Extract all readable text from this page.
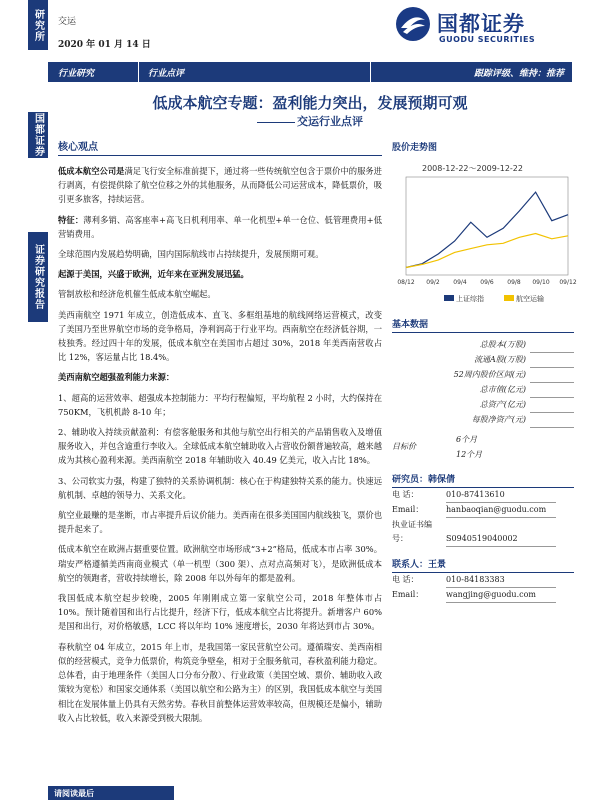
研究所
国都证券
证券研究报告
交运
2020 年 01 月 14 日
国都证券
GUODU SECURITIES
行业研究	行业点评	跟踪评级、维持：推荐
低成本航空专题：盈利能力突出，发展预期可观
交运行业点评
核心观点

低成本航空公司是满足飞行安全标准前提下，通过将一些传统航空包含于票价中的服务进行剥离，有偿提供除了航空位移之外的其他服务，从而降低公司运营成本，降低票价，吸引更多旅客，持续运营。

特征：薄利多销、高客座率+高飞日机利用率、单一化机型+单一仓位、低管理费用+低营销费用。

全球范围内发展趋势明确，国内国际航线市占持续提升，发展预期可观。

起源于美国，兴盛于欧洲，近年来在亚洲发展迅猛。

管制放松和经济危机催生低成本航空崛起。

美西南航空 1971 年成立，创造低成本、直飞、多框组基地的航线网络运营模式，改变了美国乃至世界航空市场的竞争格局，净利润高于行业平均。西南航空在经济低谷期，一枝独秀。经过四十年的发展，低成本航空在美国市占超过 30%，2018 年美西南营收占比 12%，客运量占比 18.4%。

美西南航空超强盈利能力来源：

1、超高的运营效率、超强成本控制能力：平均行程偏短，平均航程 2 小时，大约保持在 750KM，飞机机龄 8-10 年；

2、辅助收入持续贡献盈利：有偿客舱服务和其他与航空出行相关的产品销售收入及增值服务收入，并包含逾重行李收入。全球低成本航空辅助收入占营收份额普遍较高，越来越成为其核心盈利来源。美西南航空 2018 年辅助收入 40.49 亿美元，收入占比 18%。

3、公司软实力强，构建了独特的关系协调机制：核心在于构建独特关系的能力。快速远航机制、卓越的领导力、关系文化。

航空业最赚的是垄断，市占率提升后议价能力。美西南在很多美国国内航线独飞，票价也提升起来了。

低成本航空在欧洲占据重要位置。欧洲航空市场形成“3+2”格局，低成本市占率 30%。瑞安严格遵循美西南商业模式（单一机型（300 架）、点对点高频对飞），是欧洲低成本航空的领跑者，营收持续增长，除 2008 年以外每年的都是盈利。

我国低成本航空起步较晚，2005 年刚刚成立第一家航空公司，2018 年整体市占 10%。预计随着国和出行占比提升，经济下行，低成本航空占比将提升。新增客户 60%是国和出行，对价格敏感，LCC 将以年均 10% 速度增长，2030 年将达到市占 30%。

春秋航空 04 年成立，2015 年上市，是我国第一家民营航空公司。遵循瑞安、美西南相似的经营模式，竞争力低票价，构筑竞争壁垒，相对于全服务航司，春秋盈利能力稳定。总体看，由于地理条件（美国人口分布分散）、行业政策（美国空域、票价、辅助收入政策较为宽松）和国家交通体系（美国以航空和公路为主）的区别，我国低成本航空与美国相比在发展体量上仍具有天然劣势。春秋目前整体运营效率较高，但规模还是偏小，辅助收入占比较低，收入来源受到极大限制。

股价走势图
2008-12-22～2009-12-22
08/12 09/2 09/4 09/6 09/8 09/10 09/12
上证综指	航空运输
基本数据
总股本(万股)	
流通A股(万股)	
52周内股价区间(元)	
总市值(亿元)	
总资产(亿元)	
每股净资产(元)	
目标价	6个月
12个月
研究员：韩保倩
电 话：	010-87413610
Email：	hanbaoqian@guodu.com
执业证书编号：	S0940519040002
联系人：王景
电 话：	010-84183383
Email：	wangjing@guodu.com
请阅读最后
